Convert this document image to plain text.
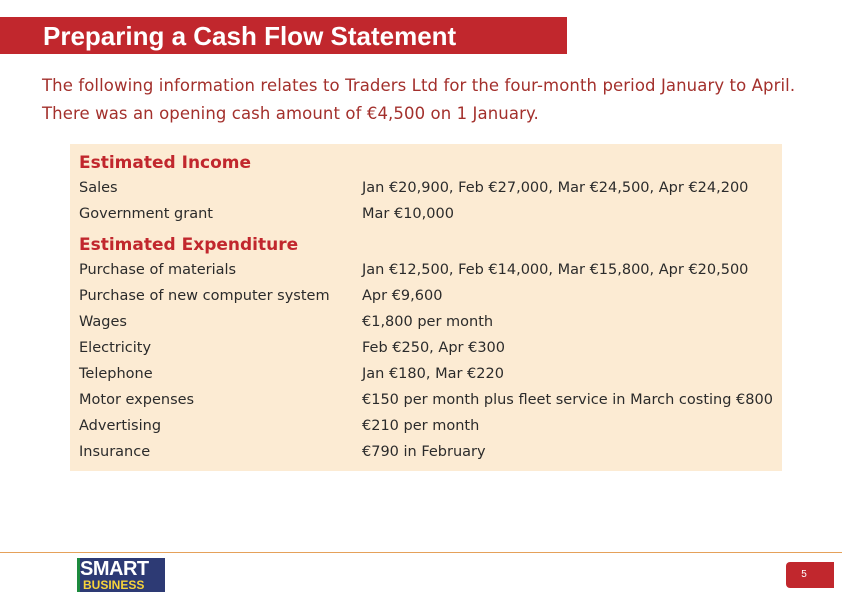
Preparing a Cash Flow Statement

The following information relates to Traders Ltd for the four-month period January to April.

There was an opening cash amount of €4,500 on 1 January.

Estimated Income
Sales	Jan €20,900, Feb €27,000, Mar €24,500, Apr €24,200
Government grant	Mar €10,000
Estimated Expenditure
Purchase of materials	Jan €12,500, Feb €14,000, Mar €15,800, Apr €20,500
Purchase of new computer system Apr €9,600
Wages	€1,800 per month
Electricity	Feb €250, Apr €300
Telephone	Jan €180, Mar €220
Motor expenses	€150 per month plus fleet service in March costing €800
Advertising	€210 per month
Insurance	€790 in February
SMART
BUSINESS
5
